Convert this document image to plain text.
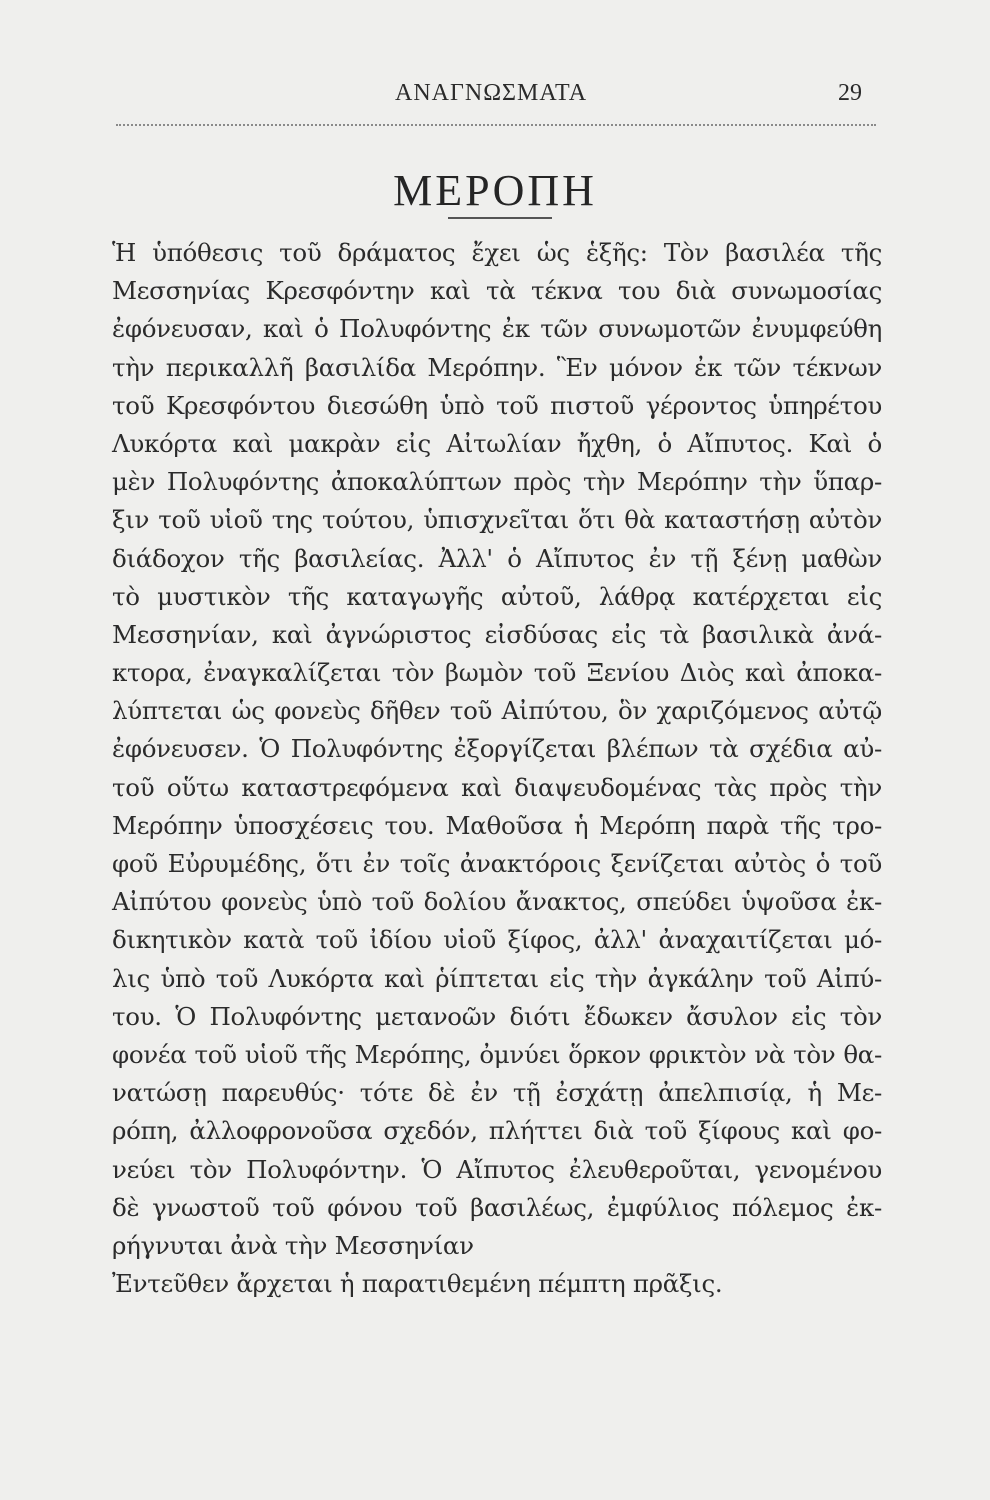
ΑΝΑΓΝΩΣΜΑΤΑ	29
ΜΕΡΟΠΗ
Ἡ ὑπόθεσις τοῦ δράματος ἔχει ὡς ἑξῆς: Τὸν βασιλέα τῆς
Μεσσηνίας Κρεσφόντην καὶ τὰ τέκνα του διὰ συνωμοσίας
ἐφόνευσαν, καὶ ὁ Πολυφόντης ἐκ τῶν συνωμοτῶν ἐνυμφεύθη
τὴν περικαλλῆ βασιλίδα Μερόπην. Ἓν μόνον ἐκ τῶν τέκνων
τοῦ Κρεσφόντου διεσώθη ὑπὸ τοῦ πιστοῦ γέροντος ὑπηρέτου
Λυκόρτα καὶ μακρὰν εἰς Αἰτωλίαν ἤχθη, ὁ Αἴπυτος. Καὶ ὁ
μὲν Πολυφόντης ἀποκαλύπτων πρὸς τὴν Μερόπην τὴν ὕπαρ-
ξιν τοῦ υἱοῦ της τούτου, ὑπισχνεῖται ὅτι θὰ καταστήσῃ αὐτὸν
διάδοχον τῆς βασιλείας. Ἀλλ' ὁ Αἴπυτος ἐν τῇ ξένῃ μαθὼν
τὸ μυστικὸν τῆς καταγωγῆς αὐτοῦ, λάθρᾳ κατέρχεται εἰς
Μεσσηνίαν, καὶ ἀγνώριστος εἰσδύσας εἰς τὰ βασιλικὰ ἀνά-
κτορα, ἐναγκαλίζεται τὸν βωμὸν τοῦ Ξενίου Διὸς καὶ ἀποκα-
λύπτεται ὡς φονεὺς δῆθεν τοῦ Αἰπύτου, ὃν χαριζόμενος αὐτῷ
ἐφόνευσεν. Ὁ Πολυφόντης ἐξοργίζεται βλέπων τὰ σχέδια αὐ-
τοῦ οὕτω καταστρεφόμενα καὶ διαψευδομένας τὰς πρὸς τὴν
Μερόπην ὑποσχέσεις του. Μαθοῦσα ἡ Μερόπη παρὰ τῆς τρο-
φοῦ Εὐρυμέδης, ὅτι ἐν τοῖς ἀνακτόροις ξενίζεται αὐτὸς ὁ τοῦ
Αἰπύτου φονεὺς ὑπὸ τοῦ δολίου ἄνακτος, σπεύδει ὑψοῦσα ἐκ-
δικητικὸν κατὰ τοῦ ἰδίου υἱοῦ ξίφος, ἀλλ' ἀναχαιτίζεται μό-
λις ὑπὸ τοῦ Λυκόρτα καὶ ῥίπτεται εἰς τὴν ἀγκάλην τοῦ Αἰπύ-
του. Ὁ Πολυφόντης μετανοῶν διότι ἔδωκεν ἄσυλον εἰς τὸν
φονέα τοῦ υἱοῦ τῆς Μερόπης, ὀμνύει ὅρκον φρικτὸν νὰ τὸν θα-
νατώσῃ παρευθύς· τότε δὲ ἐν τῇ ἐσχάτῃ ἀπελπισίᾳ, ἡ Με-
ρόπη, ἀλλοφρονοῦσα σχεδόν, πλήττει διὰ τοῦ ξίφους καὶ φο-
νεύει τὸν Πολυφόντην. Ὁ Αἴπυτος ἐλευθεροῦται, γενομένου
δὲ γνωστοῦ τοῦ φόνου τοῦ βασιλέως, ἐμφύλιος πόλεμος ἐκ-
ρήγνυται ἀνὰ τὴν Μεσσηνίαν
Ἐντεῦθεν ἄρχεται ἡ παρατιθεμένη πέμπτη πρᾶξις.
